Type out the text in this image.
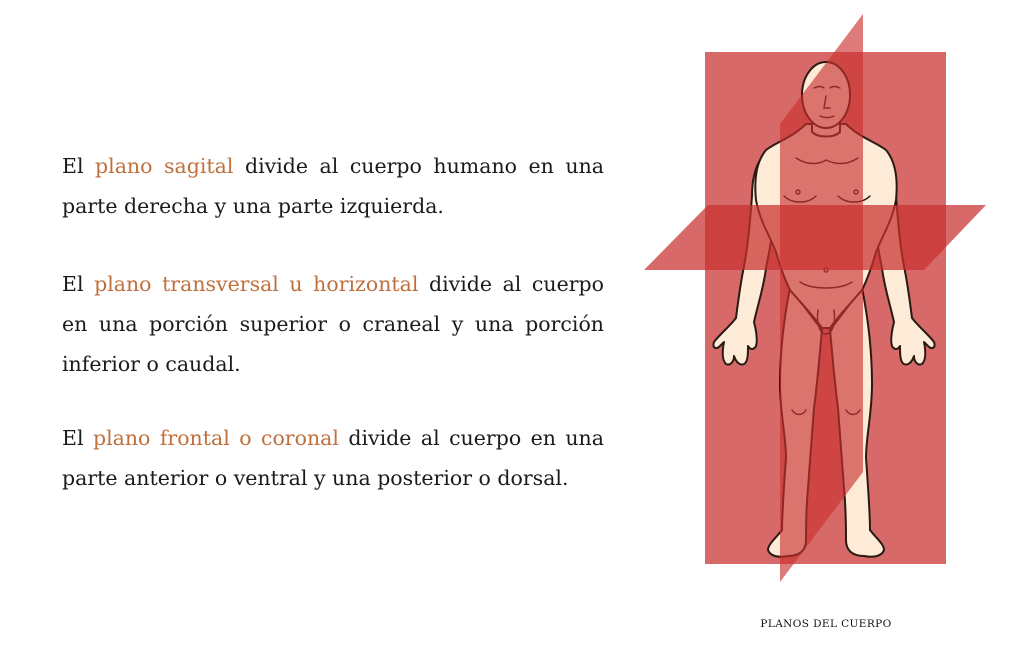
El plano sagital divide al cuerpo humano en una parte derecha y una parte izquierda.

El plano transversal u horizontal divide al cuerpo en una porción superior o craneal y una porción inferior o caudal.

El plano frontal o coronal divide al cuerpo en una parte anterior o ventral y una posterior o dorsal.

PLANOS DEL CUERPO
